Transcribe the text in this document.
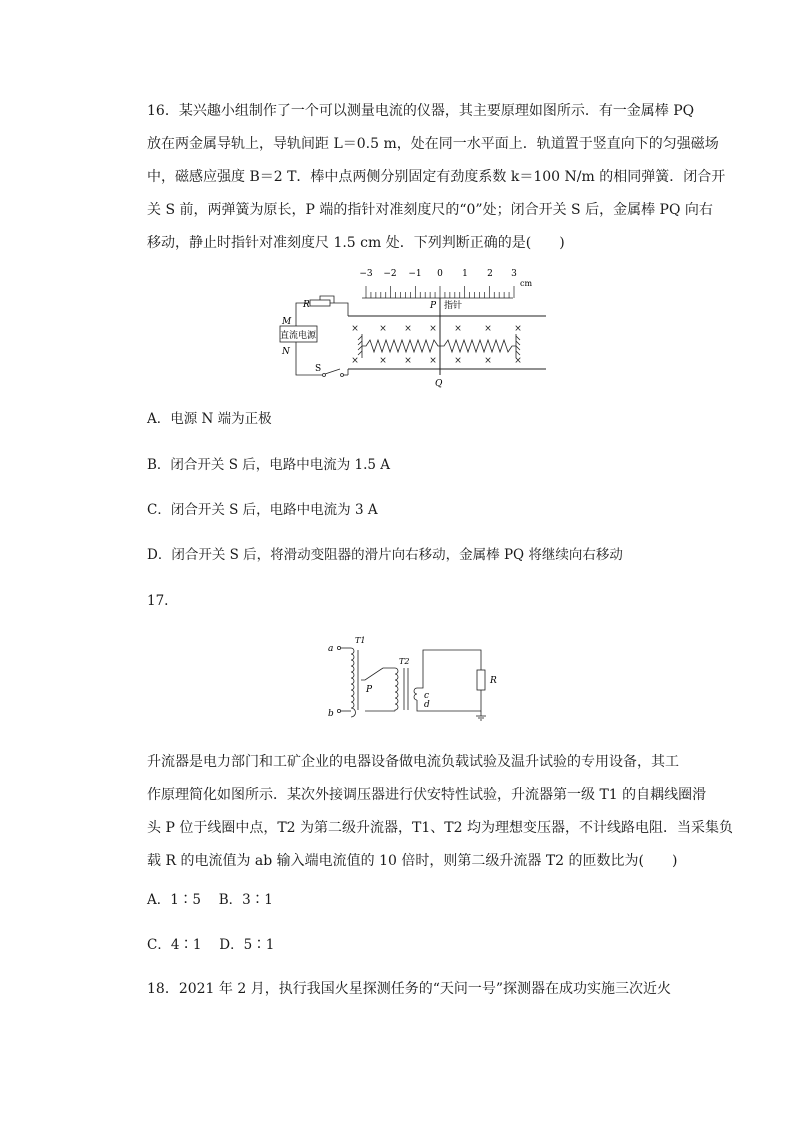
16．某兴趣小组制作了一个可以测量电流的仪器，其主要原理如图所示．有一金属棒 PQ
放在两金属导轨上，导轨间距 L＝0.5 m，处在同一水平面上．轨道置于竖直向下的匀强磁场
中，磁感应强度 B＝2 T．棒中点两侧分别固定有劲度系数 k＝100 N/m 的相同弹簧．闭合开
关 S 前，两弹簧为原长，P 端的指针对准刻度尺的“0”处；闭合开关 S 后，金属棒 PQ 向右
移动，静止时指针对准刻度尺 1.5 cm 处．下列判断正确的是(　　)
−3 −2 −1 0 1 2 3
cm
P 指针
Q
× × × × × × ×
× × × × × × ×
R
直流电源
M
N
S
A．电源 N 端为正极
B．闭合开关 S 后，电路中电流为 1.5 A
C．闭合开关 S 后，电路中电流为 3 A
D．闭合开关 S 后，将滑动变阻器的滑片向右移动，金属棒 PQ 将继续向右移动
17.
a
b
T1
T2
P
c
d
R
升流器是电力部门和工矿企业的电器设备做电流负载试验及温升试验的专用设备，其工
作原理简化如图所示．某次外接调压器进行伏安特性试验，升流器第一级 T1 的自耦线圈滑
头 P 位于线圈中点，T2 为第二级升流器，T1、T2 均为理想变压器，不计线路电阻．当采集负
载 R 的电流值为 ab 输入端电流值的 10 倍时，则第二级升流器 T2 的匝数比为(　　)
A．1∶5　 B．3∶1
C．4∶1　 D．5∶1
18．2021 年 2 月，执行我国火星探测任务的“天问一号”探测器在成功实施三次近火
